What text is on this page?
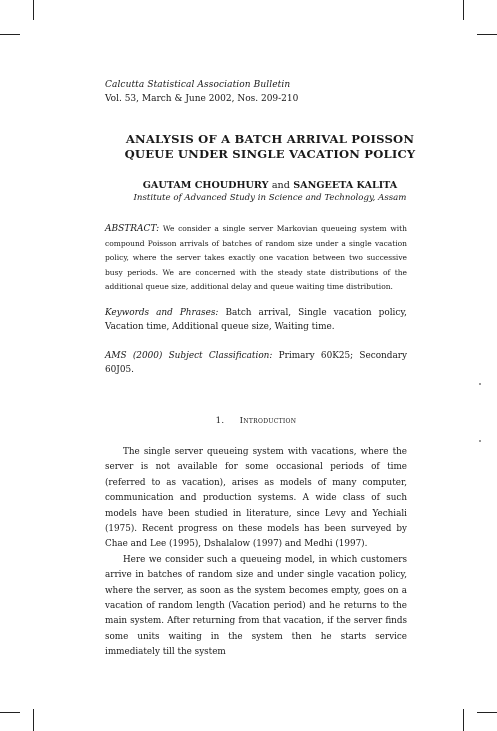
Calcutta Statistical Association Bulletin
Vol. 53, March & June 2002, Nos. 209-210
ANALYSIS OF A BATCH ARRIVAL POISSON
QUEUE UNDER SINGLE VACATION POLICY
GAUTAM CHOUDHURY and SANGEETA KALITA
Institute of Advanced Study in Science and Technology, Assam
ABSTRACT: We consider a single server Markovian queueing system with compound Poisson arrivals of batches of random size under a single vacation policy, where the server takes exactly one vacation between two successive busy periods. We are concerned with the steady state distributions of the additional queue size, additional delay and queue waiting time distribution.
Keywords and Phrases: Batch arrival, Single vacation policy, Vacation time, Additional queue size, Waiting time.
AMS (2000) Subject Classification: Primary 60K25; Secondary 60J05.
1. Introduction

The single server queueing system with vacations, where the server is not available for some occasional periods of time (referred to as vacation), arises as models of many computer, communication and production systems. A wide class of such models have been studied in literature, since Levy and Yechiali (1975). Recent progress on these models has been surveyed by Chae and Lee (1995), Dshalalow (1997) and Medhi (1997).

Here we consider such a queueing model, in which customers arrive in batches of random size and under single vacation policy, where the server, as soon as the system becomes empty, goes on a vacation of random length (Vacation period) and he returns to the main system. After returning from that vacation, if the server finds some units waiting in the system then he starts service immediately till the system
